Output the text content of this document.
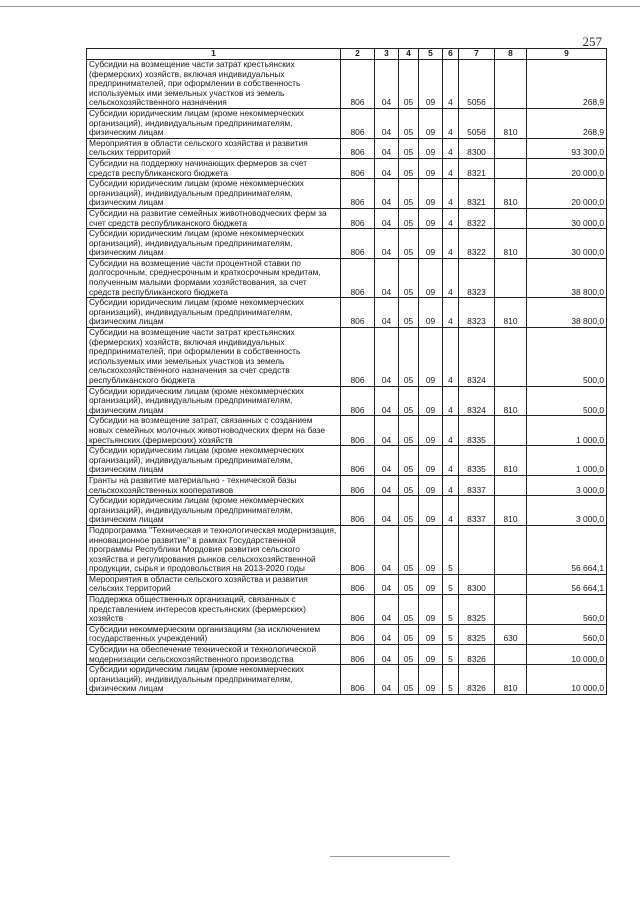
257
1	2	3	4	5	6	7	8	9
Субсидии на возмещение части затрат крестьянских (фермерских) хозяйств, включая индивидуальных предпринимателей, при оформлении в собственность используемых ими земельных участков из земель сельскохозяйственного назначения	806	04	05	09	4	5056		268,9
Субсидии юридическим лицам (кроме некоммерческих организаций), индивидуальным предпринимателям, физическим лицам	806	04	05	09	4	5056	810	268,9
Мероприятия в области сельского хозяйства и развития сельских территорий	806	04	05	09	4	8300		93 300,0
Субсидии на поддержку начинающих фермеров за счет средств республиканского бюджета	806	04	05	09	4	8321		20 000,0
Субсидии юридическим лицам (кроме некоммерческих организаций), индивидуальным предпринимателям, физическим лицам	806	04	05	09	4	8321	810	20 000,0
Субсидии на развитие семейных животноводческих ферм за счет средств республиканского бюджета	806	04	05	09	4	8322		30 000,0
Субсидии юридическим лицам (кроме некоммерческих организаций), индивидуальным предпринимателям, физическим лицам	806	04	05	09	4	8322	810	30 000,0
Субсидии на возмещение части процентной ставки по долгосрочным, среднесрочным и краткосрочным кредитам, полученным малыми формами хозяйствования, за счет средств республиканского бюджета	806	04	05	09	4	8323		38 800,0
Субсидии юридическим лицам (кроме некоммерческих организаций), индивидуальным предпринимателям, физическим лицам	806	04	05	09	4	8323	810	38 800,0
Субсидии на возмещение части затрат крестьянских (фермерских) хозяйств, включая индивидуальных предпринимателей, при оформлении в собственность используемых ими земельных участков из земель сельскохозяйственного назначения за счет средств республиканского бюджета	806	04	05	09	4	8324		500,0
Субсидии юридическим лицам (кроме некоммерческих организаций), индивидуальным предпринимателям, физическим лицам	806	04	05	09	4	8324	810	500,0
Субсидии на возмещение затрат, связанных с созданием новых семейных молочных животноводческих ферм на базе крестьянских (фермерских) хозяйств	806	04	05	09	4	8335		1 000,0
Субсидии юридическим лицам (кроме некоммерческих организаций), индивидуальным предпринимателям, физическим лицам	806	04	05	09	4	8335	810	1 000,0
Гранты на развитие материально - технической базы сельскохозяйственных кооперативов	806	04	05	09	4	8337		3 000,0
Субсидии юридическим лицам (кроме некоммерческих организаций), индивидуальным предпринимателям, физическим лицам	806	04	05	09	4	8337	810	3 000,0
Подпрограмма "Техническая и технологическая модернизация, инновационное развитие" в рамках Государственной программы Республики Мордовия развития сельского хозяйства и регулирования рынков сельскохозяйственной продукции, сырья и продовольствия на 2013-2020 годы	806	04	05	09	5			56 664,1
Мероприятия в области сельского хозяйства и развития сельских территорий	806	04	05	09	5	8300		56 664,1
Поддержка общественных организаций, связанных с представлением интересов крестьянских (фермерских) хозяйств	806	04	05	09	5	8325		560,0
Субсидии некоммерческим организациям (за исключением государственных учреждений)	806	04	05	09	5	8325	630	560,0
Субсидии на обеспечение технической и технологической модернизации сельскохозяйственного производства	806	04	05	09	5	8326		10 000,0
Субсидии юридическим лицам (кроме некоммерческих организаций), индивидуальным предпринимателям, физическим лицам	806	04	05	09	5	8326	810	10 000,0
